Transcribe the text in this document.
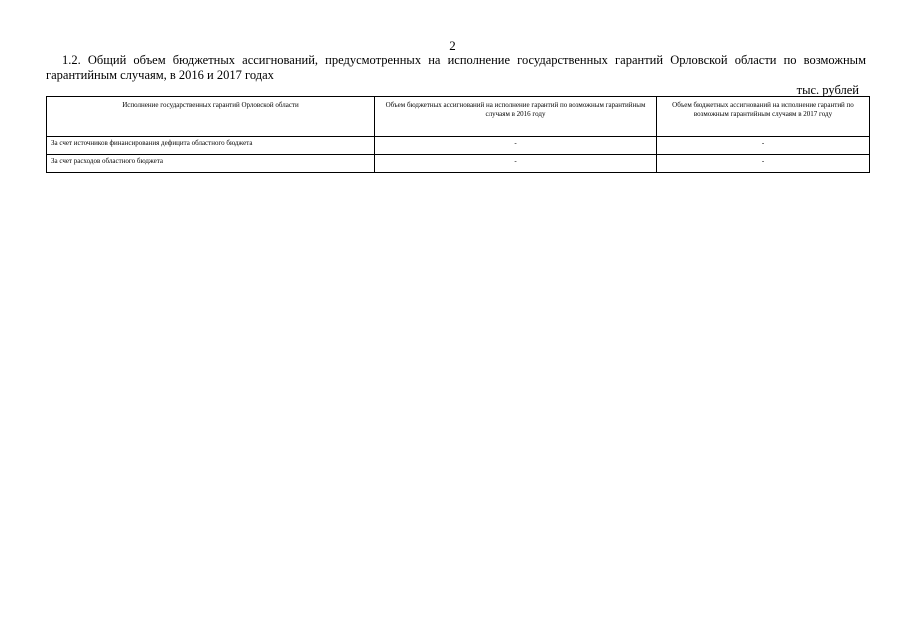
2

1.2. Общий объем бюджетных ассигнований, предусмотренных на исполнение государственных гарантий Орловской области по возможным гарантийным случаям, в 2016 и 2017 годах

тыс. рублей
Исполнение государственных гарантий Орловской области	Объем бюджетных ассигнований на исполнение гарантий по возможным гарантийным случаям в 2016 году	Объем бюджетных ассигнований на исполнение гарантий по возможным гарантийным случаям в 2017 году
За счет источников финансирования дефицита областного бюджета	-	-
За счет расходов областного бюджета	-	-
